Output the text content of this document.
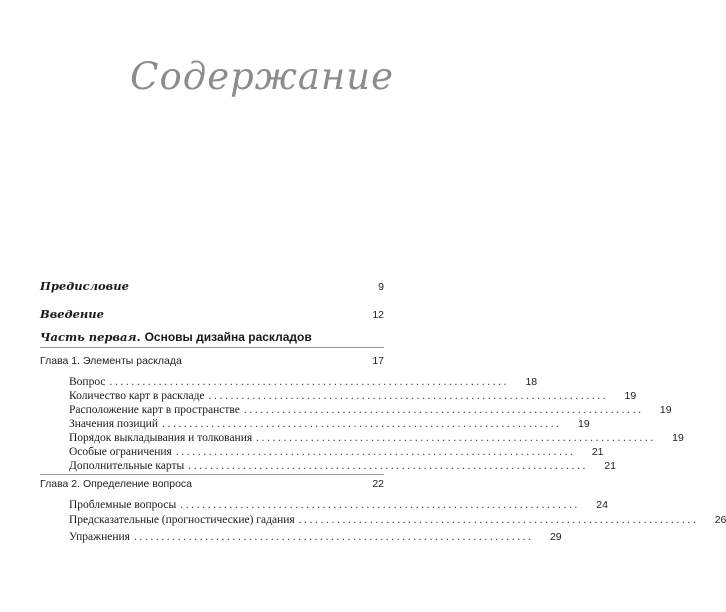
Содержание
Предисловие	9
Введение	12
Часть первая. Основы дизайна раскладов
Глава 1. Элементы расклада	17
Вопрос .........................................................................	18
Количество карт в раскладе .........................................................................	19
Расположение карт в пространстве .........................................................................	19
Значения позиций .........................................................................	19
Порядок выкладывания и толкования .........................................................................	19
Особые ограничения .........................................................................	21
Дополнительные карты .........................................................................	21
Глава 2. Определение вопроса	22
Проблемные вопросы .........................................................................	24
Предсказательные (прогностические) гадания .........................................................................	26
Упражнения .........................................................................	29
